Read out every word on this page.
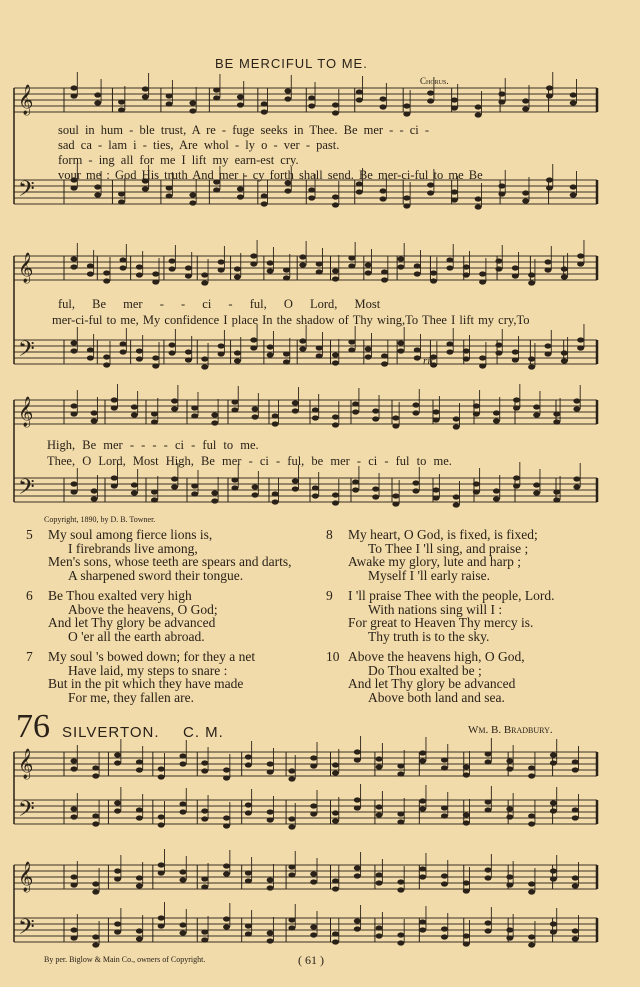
𝄞
𝄢
𝄞
𝄢
𝄞
𝄢
𝄞
𝄢
𝄞
𝄢
BE MERCIFUL TO ME.
Chorus.
rit.
soul in hum - ble trust, A re - fuge seeks in Thee. Be mer - - ci -
sad ca - lam i - ties, Are whol - ly o - ver - past.
form - ing all for me I lift my earn-est cry.
vour me : God His truth And mer - cy forth shall send. Be mer-ci-ful to me Be
ful, Be mer - - ci - ful, O Lord, Most
mer-ci-ful to me, My confidence I place In the shadow of Thy wing,To Thee I lift my cry,To
High, Be mer - - - - ci - ful to me.
Thee, O Lord, Most High, Be mer - ci - ful, be mer - ci - ful to me.
Copyright, 1890, by D. B. Towner.
5 My soul among fierce lions is,
I firebrands live among,
Men's sons, whose teeth are spears and darts,
A sharpened sword their tongue.
6 Be Thou exalted very high
Above the heavens, O God;
And let Thy glory be advanced
O 'er all the earth abroad.
7 My soul 's bowed down; for they a net
Have laid, my steps to snare :
But in the pit which they have made
For me, they fallen are.
8 My heart, O God, is fixed, is fixed;
To Thee I 'll sing, and praise ;
Awake my glory, lute and harp ;
Myself I 'll early raise.
9 I 'll praise Thee with the people, Lord.
With nations sing will I :
For great to Heaven Thy mercy is.
Thy truth is to the sky.
10 Above the heavens high, O God,
Do Thou exalted be ;
And let Thy glory be advanced
Above both land and sea.
76 SILVERTON. C. M.	Wm. B. Bradbury.
By per. Biglow & Main Co., owners of Copyright.	( 61 )
